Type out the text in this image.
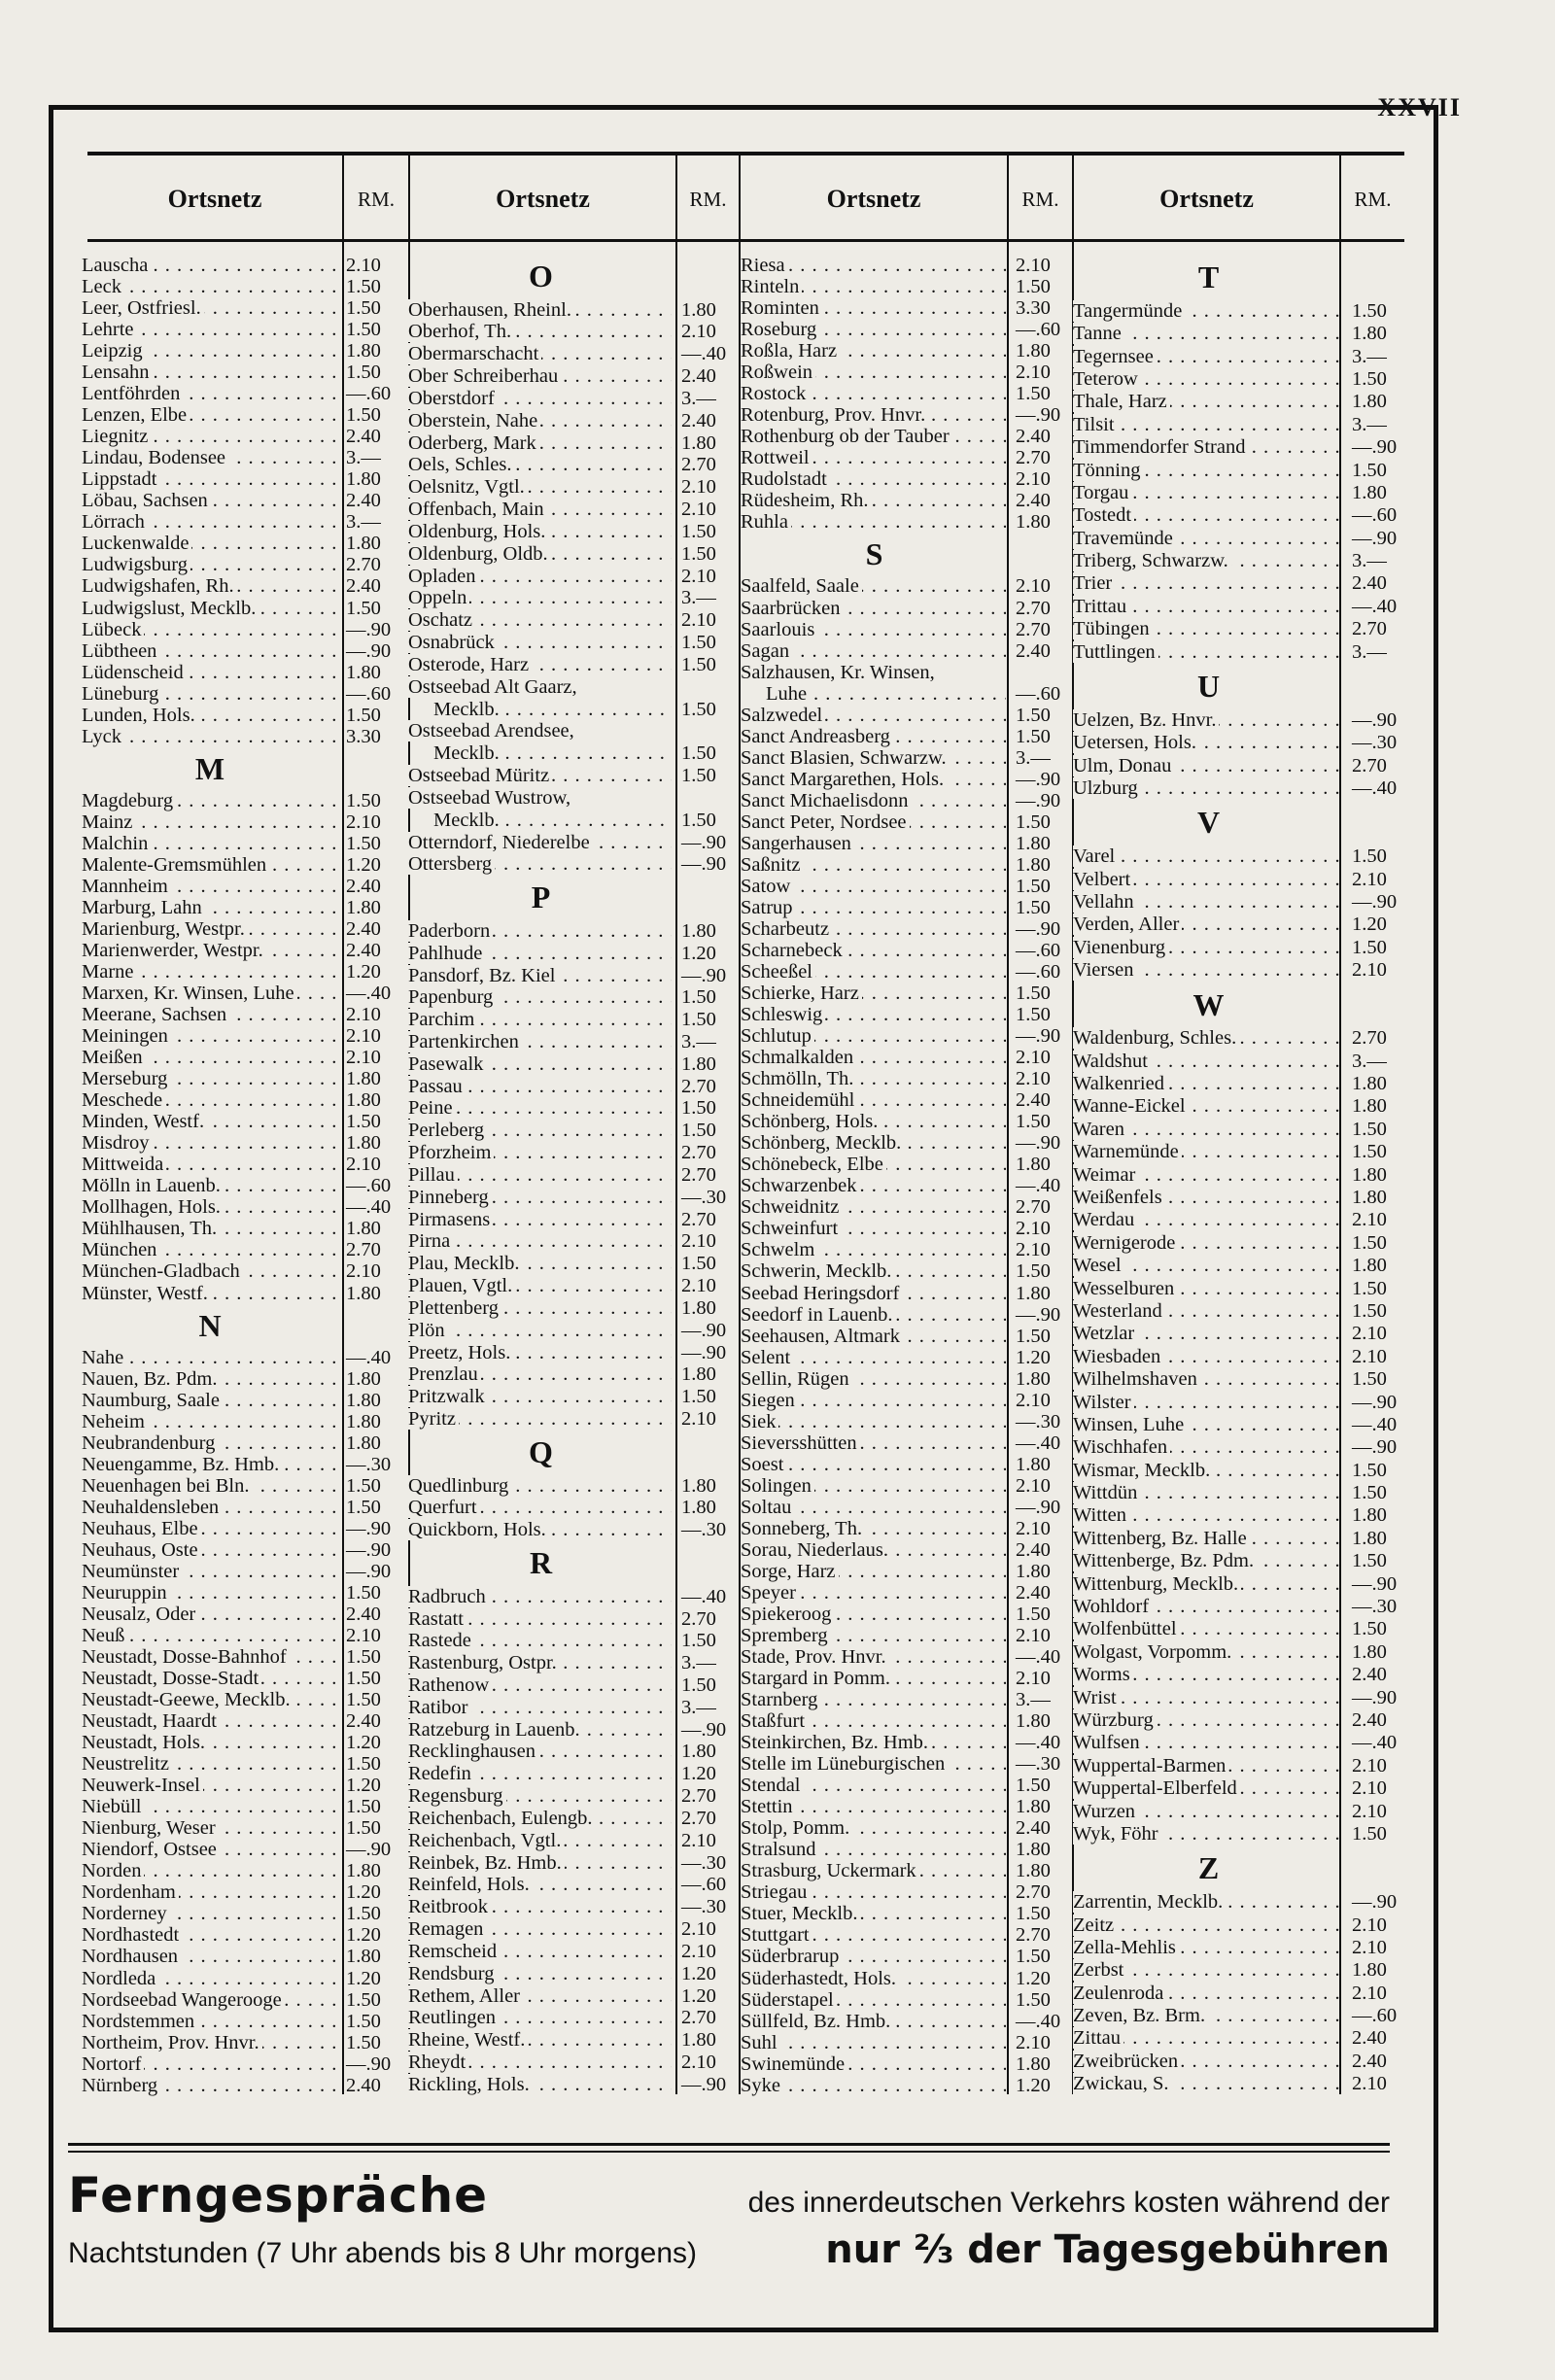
XXVII
Ortsnetz	RM.	Ortsnetz	RM.	Ortsnetz	RM.	Ortsnetz	RM.
Lauscha . . .	2.10
Leck . . .	1.50
Leer, Ostfriesl. . . .	1.50
Lehrte . . .	1.50
Leipzig . . .	1.80
Lensahn . . .	1.50
Lentföhrden . . .	—.60
Lenzen, Elbe . . .	1.50
Liegnitz . . .	2.40
Lindau, Bodensee . . .	3.—
Lippstadt . . .	1.80
Löbau, Sachsen . . .	2.40
Lörrach . . .	3.—
Luckenwalde . . .	1.80
Ludwigsburg . . .	2.70
Ludwigshafen, Rh. . . .	2.40
Ludwigslust, Mecklb. . . .	1.50
Lübeck . . .	—.90
Lübtheen . . .	—.90
Lüdenscheid . . .	1.80
Lüneburg . . .	—.60
Lunden, Hols. . . .	1.50
Lyck . . .	3.30
M
Magdeburg . . .	1.50
Mainz . . .	2.10
Malchin . . .	1.50
Malente-Gremsmühlen . . .	1.20
Mannheim . . .	2.40
Marburg, Lahn . . .	1.80
Marienburg, Westpr. . . .	2.40
Marienwerder, Westpr. . . .	2.40
Marne . . .	1.20
Marxen, Kr. Winsen, Luhe . . .	—.40
Meerane, Sachsen . . .	2.10
Meiningen . . .	2.10
Meißen . . .	2.10
Merseburg . . .	1.80
Meschede . . .	1.80
Minden, Westf. . . .	1.50
Misdroy . . .	1.80
Mittweida . . .	2.10
Mölln in Lauenb. . . .	—.60
Mollhagen, Hols. . . .	—.40
Mühlhausen, Th. . . .	1.80
München . . .	2.70
München-Gladbach . . .	2.10
Münster, Westf. . . .	1.80
N
Nahe . . .	—.40
Nauen, Bz. Pdm. . . .	1.80
Naumburg, Saale . . .	1.80
Neheim . . .	1.80
Neubrandenburg . . .	1.80
Neuengamme, Bz. Hmb. . . .	—.30
Neuenhagen bei Bln. . . .	1.50
Neuhaldensleben . . .	1.50
Neuhaus, Elbe . . .	—.90
Neuhaus, Oste . . .	—.90
Neumünster . . .	—.90
Neuruppin . . .	1.50
Neusalz, Oder . . .	2.40
Neuß . . .	2.10
Neustadt, Dosse-Bahnhof . . .	1.50
Neustadt, Dosse-Stadt . . .	1.50
Neustadt-Geewe, Mecklb. . . .	1.50
Neustadt, Haardt . . .	2.40
Neustadt, Hols. . . .	1.20
Neustrelitz . . .	1.50
Neuwerk-Insel . . .	1.20
Niebüll . . .	1.50
Nienburg, Weser . . .	1.50
Niendorf, Ostsee . . .	—.90
Norden . . .	1.80
Nordenham . . .	1.20
Norderney . . .	1.50
Nordhastedt . . .	1.20
Nordhausen . . .	1.80
Nordleda . . .	1.20
Nordseebad Wangerooge . . .	1.50
Nordstemmen . . .	1.50
Northeim, Prov. Hnvr. . . .	1.50
Nortorf . . .	—.90
Nürnberg . . .	2.40
O
Oberhausen, Rheinl. . . .	1.80
Oberhof, Th. . . .	2.10
Obermarschacht . . .	—.40
Ober Schreiberhau . . .	2.40
Oberstdorf . . .	3.—
Oberstein, Nahe . . .	2.40
Oderberg, Mark . . .	1.80
Oels, Schles. . . .	2.70
Oelsnitz, Vgtl. . . .	2.10
Offenbach, Main . . .	2.10
Oldenburg, Hols. . . .	1.50
Oldenburg, Oldb. . . .	1.50
Opladen . . .	2.10
Oppeln . . .	3.—
Oschatz . . .	2.10
Osnabrück . . .	1.50
Osterode, Harz . . .	1.50
Ostseebad Alt Gaarz,
Mecklb. . . .	1.50
Ostseebad Arendsee,
Mecklb. . . .	1.50
Ostseebad Müritz . . .	1.50
Ostseebad Wustrow,
Mecklb. . . .	1.50
Otterndorf, Niederelbe . . .	—.90
Ottersberg . . .	—.90
P
Paderborn . . .	1.80
Pahlhude . . .	1.20
Pansdorf, Bz. Kiel . . .	—.90
Papenburg . . .	1.50
Parchim . . .	1.50
Partenkirchen . . .	3.—
Pasewalk . . .	1.80
Passau . . .	2.70
Peine . . .	1.50
Perleberg . . .	1.50
Pforzheim . . .	2.70
Pillau . . .	2.70
Pinneberg . . .	—.30
Pirmasens . . .	2.70
Pirna . . .	2.10
Plau, Mecklb. . . .	1.50
Plauen, Vgtl. . . .	2.10
Plettenberg . . .	1.80
Plön . . .	—.90
Preetz, Hols. . . .	—.90
Prenzlau . . .	1.80
Pritzwalk . . .	1.50
Pyritz . . .	2.10
Q
Quedlinburg . . .	1.80
Querfurt . . .	1.80
Quickborn, Hols. . . .	—.30
R
Radbruch . . .	—.40
Rastatt . . .	2.70
Rastede . . .	1.50
Rastenburg, Ostpr. . . .	3.—
Rathenow . . .	1.50
Ratibor . . .	3.—
Ratzeburg in Lauenb. . . .	—.90
Recklinghausen . . .	1.80
Redefin . . .	1.20
Regensburg . . .	2.70
Reichenbach, Eulengb. . . .	2.70
Reichenbach, Vgtl. . . .	2.10
Reinbek, Bz. Hmb. . . .	—.30
Reinfeld, Hols. . . .	—.60
Reitbrook . . .	—.30
Remagen . . .	2.10
Remscheid . . .	2.10
Rendsburg . . .	1.20
Rethem, Aller . . .	1.20
Reutlingen . . .	2.70
Rheine, Westf. . . .	1.80
Rheydt . . .	2.10
Rickling, Hols. . . .	—.90
Riesa . . .	2.10
Rinteln . . .	1.50
Rominten . . .	3.30
Roseburg . . .	—.60
Roßla, Harz . . .	1.80
Roßwein . . .	2.10
Rostock . . .	1.50
Rotenburg, Prov. Hnvr. . . .	—.90
Rothenburg ob der Tauber . . .	2.40
Rottweil . . .	2.70
Rudolstadt . . .	2.10
Rüdesheim, Rh. . . .	2.40
Ruhla . . .	1.80
S
Saalfeld, Saale . . .	2.10
Saarbrücken . . .	2.70
Saarlouis . . .	2.70
Sagan . . .	2.40
Salzhausen, Kr. Winsen,
Luhe . . .	—.60
Salzwedel . . .	1.50
Sanct Andreasberg . . .	1.50
Sanct Blasien, Schwarzw. . . .	3.—
Sanct Margarethen, Hols. . . .	—.90
Sanct Michaelisdonn . . .	—.90
Sanct Peter, Nordsee . . .	1.50
Sangerhausen . . .	1.80
Saßnitz . . .	1.80
Satow . . .	1.50
Satrup . . .	1.50
Scharbeutz . . .	—.90
Scharnebeck . . .	—.60
Scheeßel . . .	—.60
Schierke, Harz . . .	1.50
Schleswig . . .	1.50
Schlutup . . .	—.90
Schmalkalden . . .	2.10
Schmölln, Th. . . .	2.10
Schneidemühl . . .	2.40
Schönberg, Hols. . . .	1.50
Schönberg, Mecklb. . . .	—.90
Schönebeck, Elbe . . .	1.80
Schwarzenbek . . .	—.40
Schweidnitz . . .	2.70
Schweinfurt . . .	2.10
Schwelm . . .	2.10
Schwerin, Mecklb. . . .	1.50
Seebad Heringsdorf . . .	1.80
Seedorf in Lauenb. . . .	—.90
Seehausen, Altmark . . .	1.50
Selent . . .	1.20
Sellin, Rügen . . .	1.80
Siegen . . .	2.10
Siek . . .	—.30
Sieversshütten . . .	—.40
Soest . . .	1.80
Solingen . . .	2.10
Soltau . . .	—.90
Sonneberg, Th. . . .	2.10
Sorau, Niederlaus. . . .	2.40
Sorge, Harz . . .	1.80
Speyer . . .	2.40
Spiekeroog . . .	1.50
Spremberg . . .	2.10
Stade, Prov. Hnvr. . . .	—.40
Stargard in Pomm. . . .	2.10
Starnberg . . .	3.—
Staßfurt . . .	1.80
Steinkirchen, Bz. Hmb. . . .	—.40
Stelle im Lüneburgischen . . .	—.30
Stendal . . .	1.50
Stettin . . .	1.80
Stolp, Pomm. . . .	2.40
Stralsund . . .	1.80
Strasburg, Uckermark . . .	1.80
Striegau . . .	2.70
Stuer, Mecklb. . . .	1.50
Stuttgart . . .	2.70
Süderbrarup . . .	1.50
Süderhastedt, Hols. . . .	1.20
Süderstapel . . .	1.50
Süllfeld, Bz. Hmb. . . .	—.40
Suhl . . .	2.10
Swinemünde . . .	1.80
Syke . . .	1.20
T
Tangermünde . . .	1.50
Tanne . . .	1.80
Tegernsee . . .	3.—
Teterow . . .	1.50
Thale, Harz . . .	1.80
Tilsit . . .	3.—
Timmendorfer Strand . . .	—.90
Tönning . . .	1.50
Torgau . . .	1.80
Tostedt . . .	—.60
Travemünde . . .	—.90
Triberg, Schwarzw. . . .	3.—
Trier . . .	2.40
Trittau . . .	—.40
Tübingen . . .	2.70
Tuttlingen . . .	3.—
U
Uelzen, Bz. Hnvr. . . .	—.90
Uetersen, Hols. . . .	—.30
Ulm, Donau . . .	2.70
Ulzburg . . .	—.40
V
Varel . . .	1.50
Velbert . . .	2.10
Vellahn . . .	—.90
Verden, Aller . . .	1.20
Vienenburg . . .	1.50
Viersen . . .	2.10
W
Waldenburg, Schles. . . .	2.70
Waldshut . . .	3.—
Walkenried . . .	1.80
Wanne-Eickel . . .	1.80
Waren . . .	1.50
Warnemünde . . .	1.50
Weimar . . .	1.80
Weißenfels . . .	1.80
Werdau . . .	2.10
Wernigerode . . .	1.50
Wesel . . .	1.80
Wesselburen . . .	1.50
Westerland . . .	1.50
Wetzlar . . .	2.10
Wiesbaden . . .	2.10
Wilhelmshaven . . .	1.50
Wilster . . .	—.90
Winsen, Luhe . . .	—.40
Wischhafen . . .	—.90
Wismar, Mecklb. . . .	1.50
Wittdün . . .	1.50
Witten . . .	1.80
Wittenberg, Bz. Halle . . .	1.80
Wittenberge, Bz. Pdm. . . .	1.50
Wittenburg, Mecklb. . . .	—.90
Wohldorf . . .	—.30
Wolfenbüttel . . .	1.50
Wolgast, Vorpomm. . . .	1.80
Worms . . .	2.40
Wrist . . .	—.90
Würzburg . . .	2.40
Wulfsen . . .	—.40
Wuppertal-Barmen . . .	2.10
Wuppertal-Elberfeld . . .	2.10
Wurzen . . .	2.10
Wyk, Föhr . . .	1.50
Z
Zarrentin, Mecklb. . . .	—.90
Zeitz . . .	2.10
Zella-Mehlis . . .	2.10
Zerbst . . .	1.80
Zeulenroda . . .	2.10
Zeven, Bz. Brm. . . .	—.60
Zittau . . .	2.40
Zweibrücken . . .	2.40
Zwickau, S. . . .	2.10
Ferngespräche	des innerdeutschen Verkehrs kosten während der
Nachtstunden (7 Uhr abends bis 8 Uhr morgens)	nur ⅔ der Tagesgebühren
